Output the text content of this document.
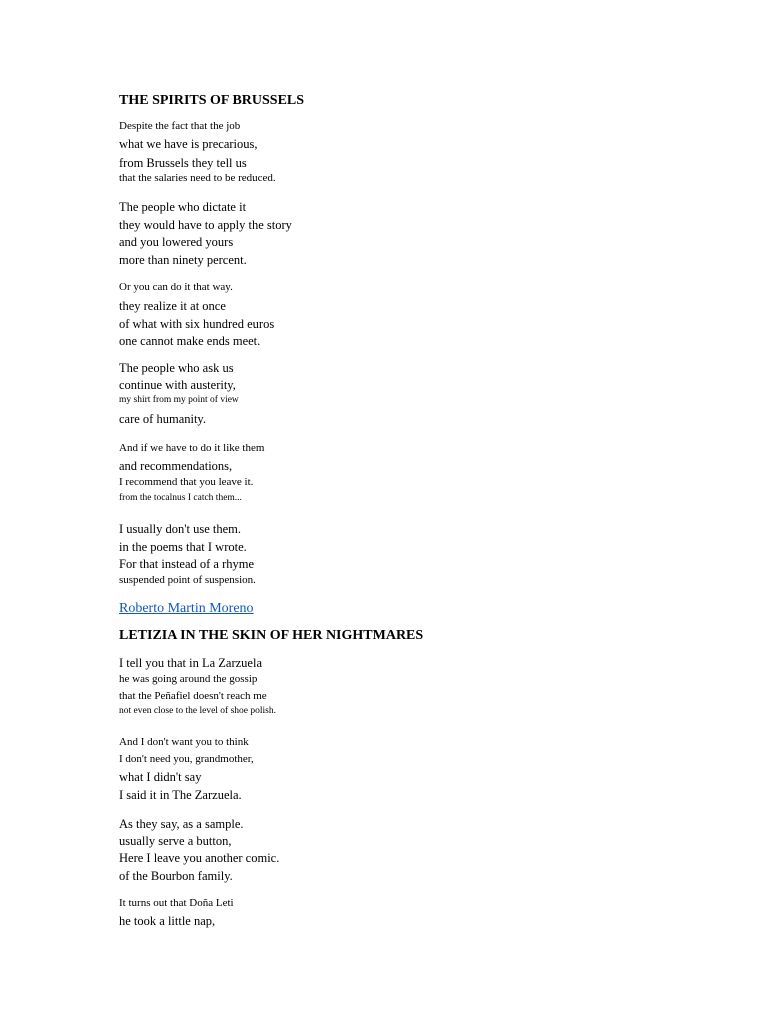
THE SPIRITS OF BRUSSELS
Despite the fact that the job
what we have is precarious,
from Brussels they tell us
that the salaries need to be reduced.
The people who dictate it
they would have to apply the story
and you lowered yours
more than ninety percent.
Or you can do it that way.
they realize it at once
of what with six hundred euros
one cannot make ends meet.
The people who ask us
continue with austerity,
my shirt from my point of view
care of humanity.
And if we have to do it like them
and recommendations,
I recommend that you leave it.
from the tocalnus I catch them...
I usually don't use them.
in the poems that I wrote.
For that instead of a rhyme
suspended point of suspension.
Roberto Martin Moreno
LETIZIA IN THE SKIN OF HER NIGHTMARES
I tell you that in La Zarzuela
he was going around the gossip
that the Peñafiel doesn't reach me
not even close to the level of shoe polish.
And I don't want you to think
I don't need you, grandmother,
what I didn't say
I said it in The Zarzuela.
As they say, as a sample.
usually serve a button,
Here I leave you another comic.
of the Bourbon family.
It turns out that Doña Leti
he took a little nap,
